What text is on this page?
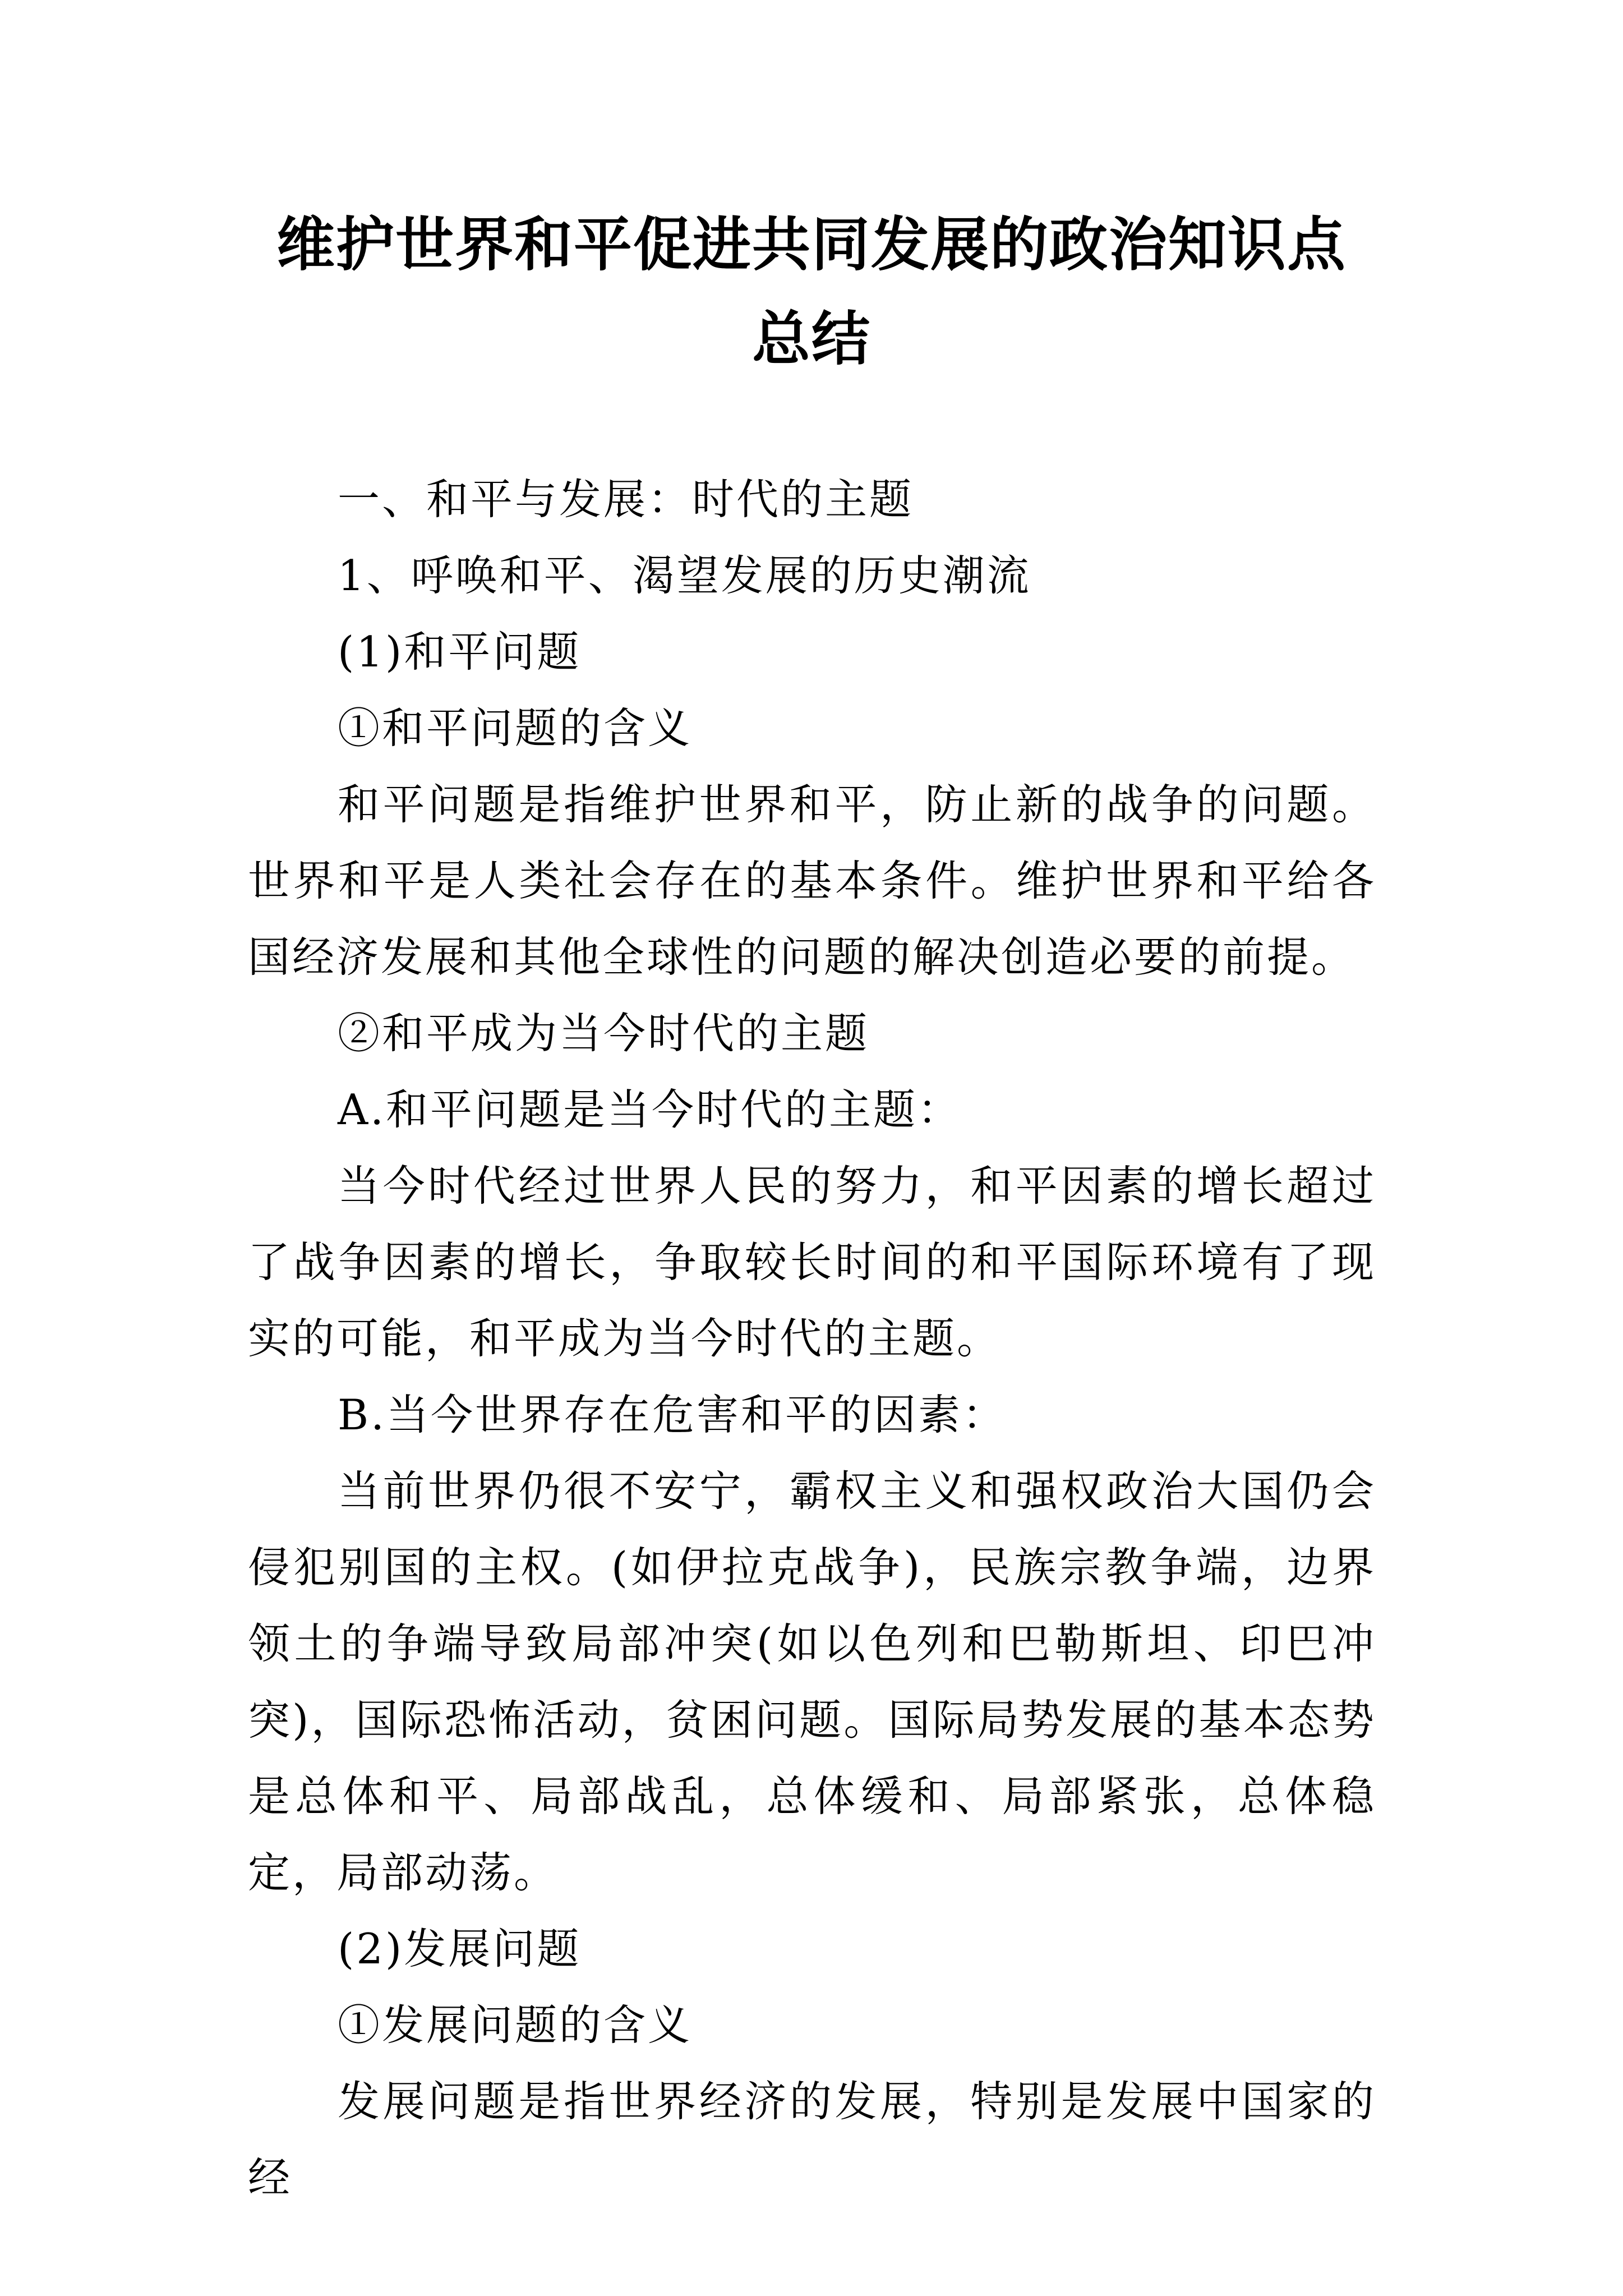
维护世界和平促进共同发展的政治知识点
总结

一、和平与发展：时代的主题

1、呼唤和平、渴望发展的历史潮流

(1)和平问题

①和平问题的含义

和平问题是指维护世界和平，防止新的战争的问题。世界和平是人类社会存在的基本条件。维护世界和平给各国经济发展和其他全球性的问题的解决创造必要的前提。

②和平成为当今时代的主题

A.和平问题是当今时代的主题：

当今时代经过世界人民的努力，和平因素的增长超过了战争因素的增长，争取较长时间的和平国际环境有了现实的可能，和平成为当今时代的主题。

B.当今世界存在危害和平的因素：

当前世界仍很不安宁，霸权主义和强权政治大国仍会侵犯别国的主权。(如伊拉克战争)，民族宗教争端，边界领土的争端导致局部冲突(如以色列和巴勒斯坦、印巴冲突)，国际恐怖活动，贫困问题。国际局势发展的基本态势是总体和平、局部战乱，总体缓和、局部紧张，总体稳定，局部动荡。

(2)发展问题

①发展问题的含义

发展问题是指世界经济的发展，特别是发展中国家的经
